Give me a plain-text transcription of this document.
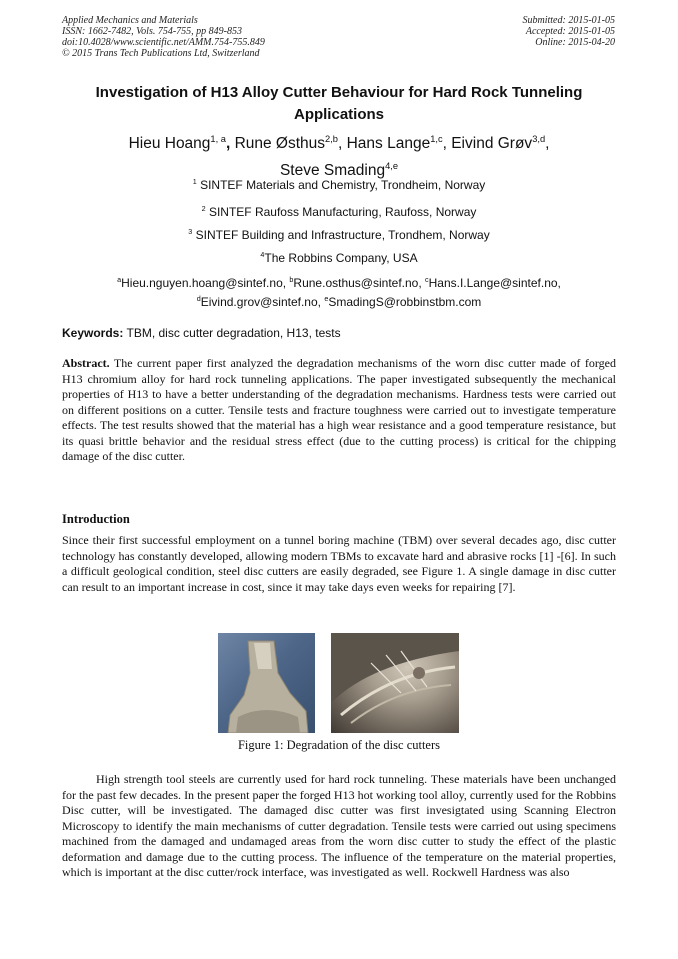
Applied Mechanics and Materials
ISSN: 1662-7482, Vols. 754-755, pp 849-853
doi:10.4028/www.scientific.net/AMM.754-755.849
© 2015 Trans Tech Publications Ltd, Switzerland
Submitted: 2015-01-05
Accepted: 2015-01-05
Online: 2015-04-20
Investigation of H13 Alloy Cutter Behaviour for Hard Rock Tunneling
Applications
Hieu Hoang$^{1, a}$, Rune Østhus$^{2,b}$, Hans Lange$^{1,c}$, Eivind Grøv$^{3,d}$,
Steve Smading$^{4,e}$
$^1$ SINTEF Materials and Chemistry, Trondheim, Norway
$^2$ SINTEF Raufoss Manufacturing, Raufoss, Norway
$^3$ SINTEF Building and Infrastructure, Trondhem, Norway
$^4$The Robbins Company, USA
$^a$Hieu.nguyen.hoang@sintef.no, $^b$Rune.osthus@sintef.no, $^c$Hans.I.Lange@sintef.no,
$^d$Eivind.grov@sintef.no, $^e$SmadingS@robbinstbm.com
Keywords: TBM, disc cutter degradation, H13, tests
Abstract. The current paper first analyzed the degradation mechanisms of the worn disc cutter made of forged H13 chromium alloy for hard rock tunneling applications. The paper investigated subsequently the mechanical properties of H13 to have a better understanding of the degradation mechanisms. Hardness tests were carried out on different positions on a cutter. Tensile tests and fracture toughness were carried out to investigate temperature effects. The test results showed that the material has a high wear resistance and a good temperature resistance, but its quasi brittle behavior and the residual stress effect (due to the cutting process) is critical for the chipping damage of the disc cutter.
Introduction
Since their first successful employment on a tunnel boring machine (TBM) over several decades ago, disc cutter technology has constantly developed, allowing modern TBMs to excavate hard and abrasive rocks [1] -[6]. In such a difficult geological condition, steel disc cutters are easily degraded, see Figure 1. A single damage in disc cutter can result to an important increase in cost, since it may take days even weeks for repairing [7].
Figure 1: Degradation of the disc cutters
High strength tool steels are currently used for hard rock tunneling. These materials have been unchanged for the past few decades. In the present paper the forged H13 hot working tool alloy, currently used for the Robbins Disc cutter, will be investigated. The damaged disc cutter was first invesigtated using Scanning Electron Microscopy to identify the main mechanisms of cutter degradation. Tensile tests were carried out using specimens machined from the damaged and undamaged areas from the worn disc cutter to study the effect of the plastic deformation and damage due to the cutting process. The influence of the temperature on the material properties, which is important at the disc cutter/rock interface, was investigated as well. Rockwell Hardness was also
